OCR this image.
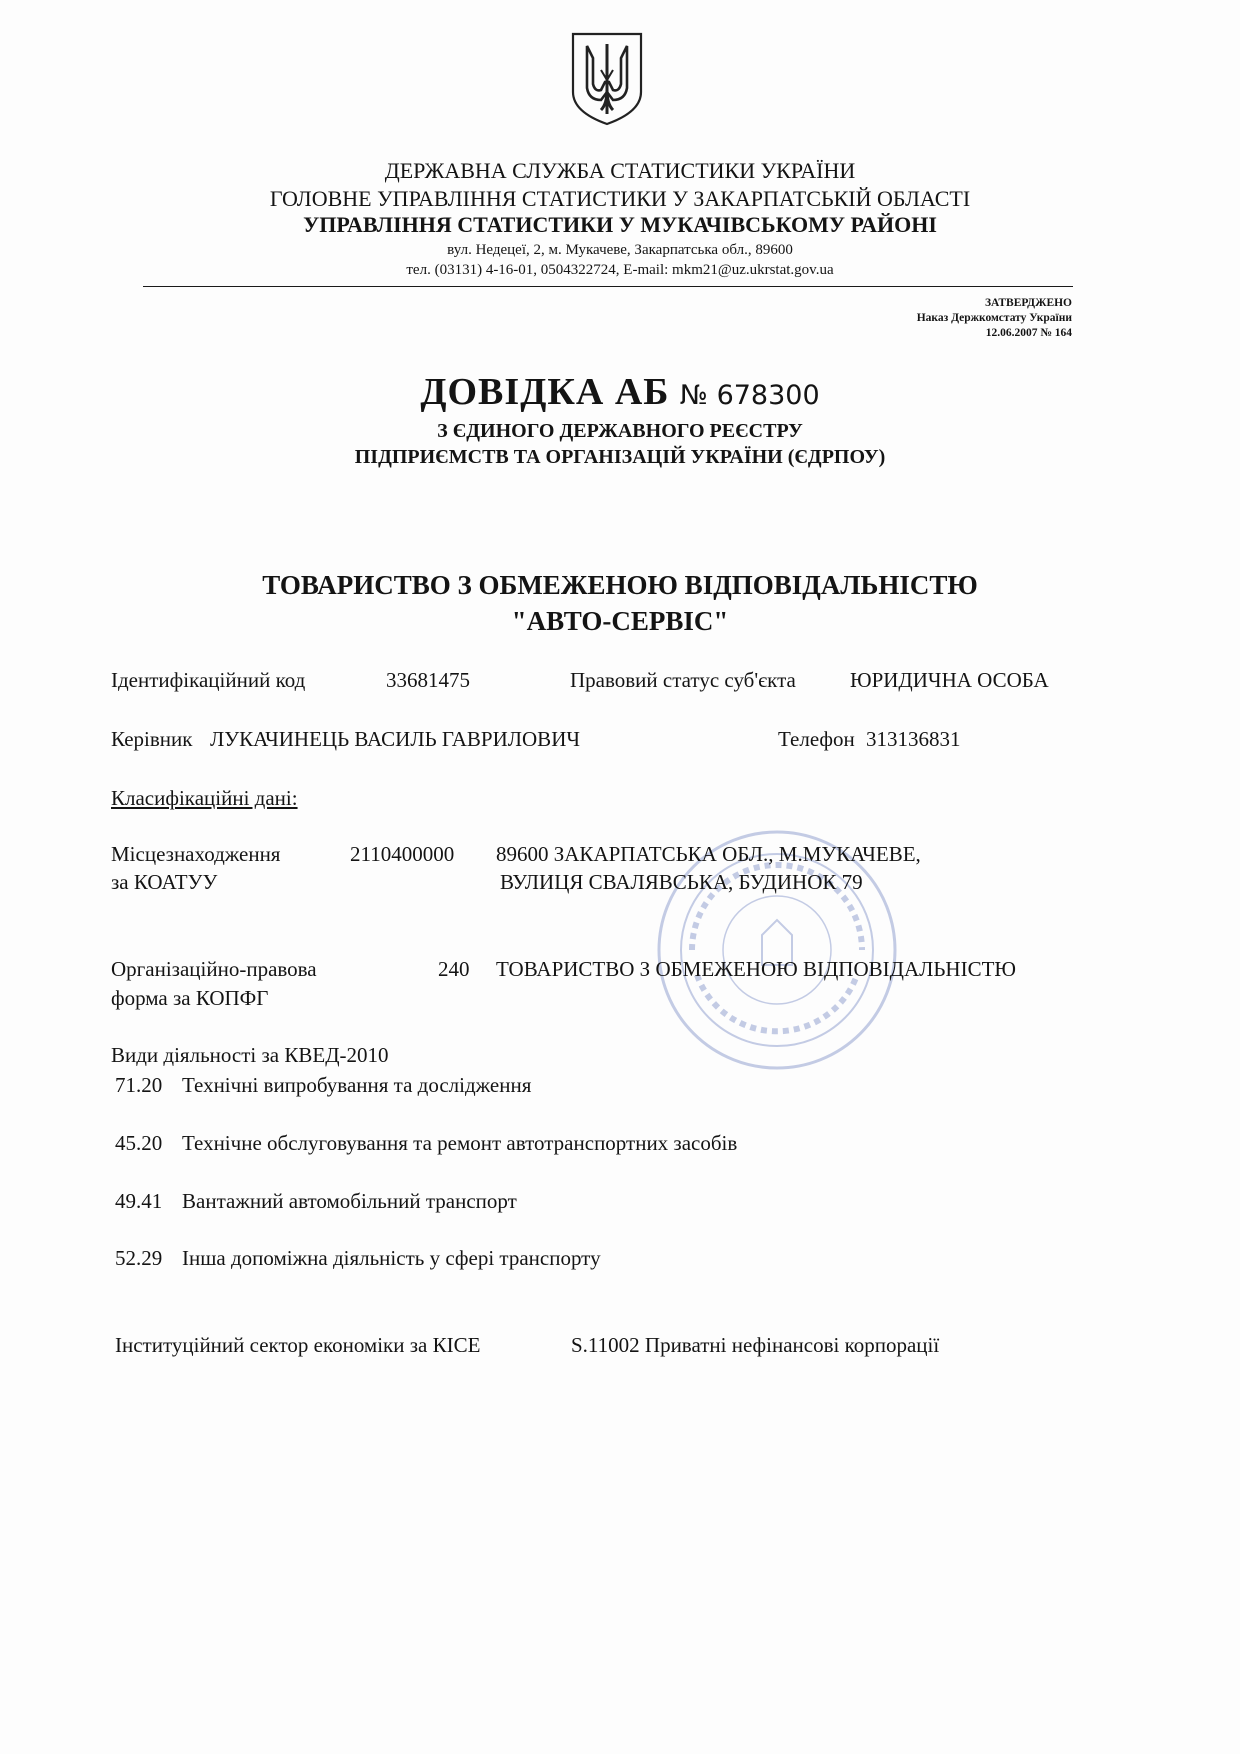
ДЕРЖАВНА СЛУЖБА СТАТИСТИКИ УКРАЇНИ
ГОЛОВНЕ УПРАВЛІННЯ СТАТИСТИКИ У ЗАКАРПАТСЬКІЙ ОБЛАСТІ
УПРАВЛІННЯ СТАТИСТИКИ У МУКАЧІВСЬКОМУ РАЙОНІ
вул. Недецеї, 2, м. Мукачеве, Закарпатська обл., 89600
тел. (03131) 4-16-01, 0504322724, E-mail: mkm21@uz.ukrstat.gov.ua
ЗАТВЕРДЖЕНО
Наказ Держкомстату України
12.06.2007 № 164
ДОВІДКА АБ № 678300
З ЄДИНОГО ДЕРЖАВНОГО РЕЄСТРУ
ПІДПРИЄМСТВ ТА ОРГАНІЗАЦІЙ УКРАЇНИ (ЄДРПОУ)
ТОВАРИСТВО З ОБМЕЖЕНОЮ ВІДПОВІДАЛЬНІСТЮ
"АВТО-СЕРВІС"
Ідентифікаційний код	33681475	Правовий статус суб'єкта	ЮРИДИЧНА ОСОБА
Керівник ЛУКАЧИНЕЦЬ ВАСИЛЬ ГАВРИЛОВИЧ	Телефон 313136831
Класифікаційні дані:
Місцезнаходження
за КОАТУУ
2110400000 89600 ЗАКАРПАТСЬКА ОБЛ., М.МУКАЧЕВЕ,
ВУЛИЦЯ СВАЛЯВСЬКА, БУДИНОК 79
Організаційно-правова
форма за КОПФГ
240 ТОВАРИСТВО З ОБМЕЖЕНОЮ ВІДПОВІДАЛЬНІСТЮ
Види діяльності за КВЕД-2010
71.20 Технічні випробування та дослідження
45.20 Технічне обслуговування та ремонт автотранспортних засобів
49.41 Вантажний автомобільний транспорт
52.29 Інша допоміжна діяльність у сфері транспорту
Інституційний сектор економіки за КІСЕ	S.11002 Приватні нефінансові корпорації
